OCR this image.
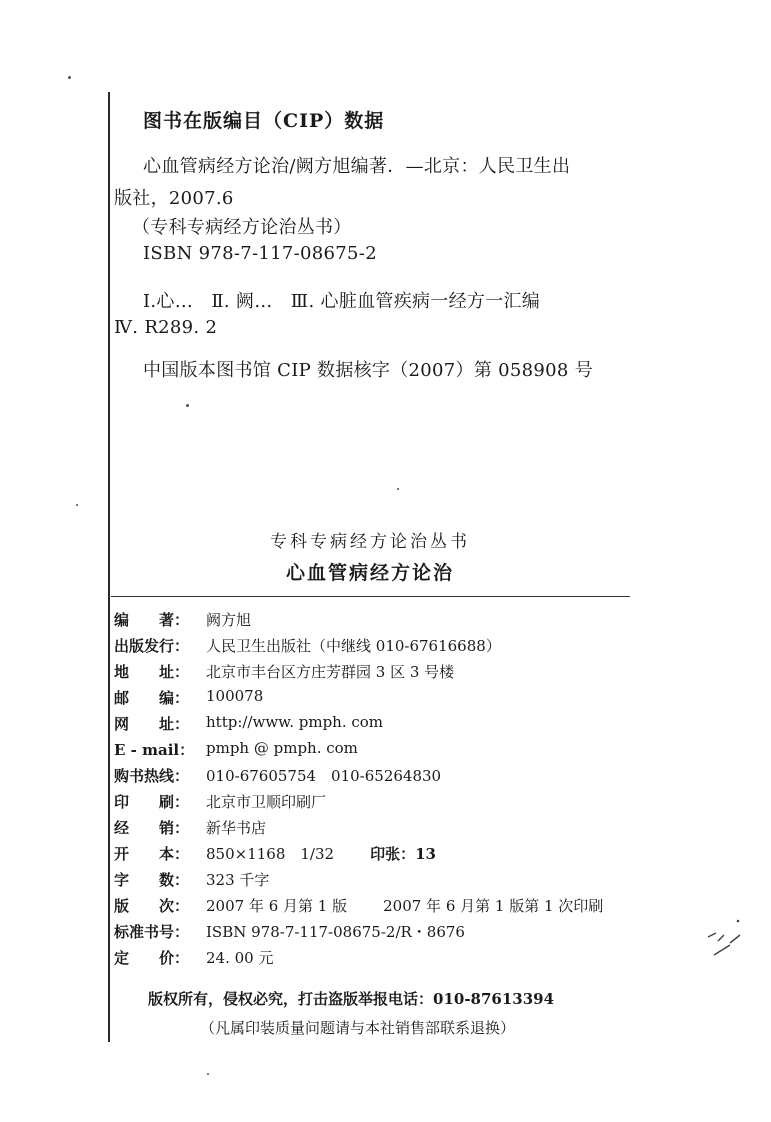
图书在版编目（CIP）数据
心血管病经方论治/阙方旭编著．—北京：人民卫生出
版社，2007.6
（专科专病经方论治丛书）
ISBN 978-7-117-08675-2
Ⅰ.心…　Ⅱ. 阙…　Ⅲ. 心脏血管疾病一经方一汇编
Ⅳ. R289. 2
中国版本图书馆 CIP 数据核字（2007）第 058908 号
专科专病经方论治丛书
心血管病经方论治
编　　著：	阙方旭
出版发行：	人民卫生出版社（中继线 010-67616688）
地　　址：	北京市丰台区方庄芳群园 3 区 3 号楼
邮　　编：	100078
网　　址：	http://www. pmph. com
E - mail： pmph @ pmph. com
购书热线：	010-67605754　010-65264830
印　　刷：	北京市卫顺印刷厂
经　　销：	新华书店
开　　本：	850×1168　1/32 印张：13
字　　数：	323 千字
版　　次：	2007 年 6 月第 1 版 2007 年 6 月第 1 版第 1 次印刷
标准书号：	ISBN 978-7-117-08675-2/R・8676
定　　价：	24. 00 元
版权所有，侵权必究，打击盗版举报电话：010-87613394
（凡属印装质量问题请与本社销售部联系退换）
